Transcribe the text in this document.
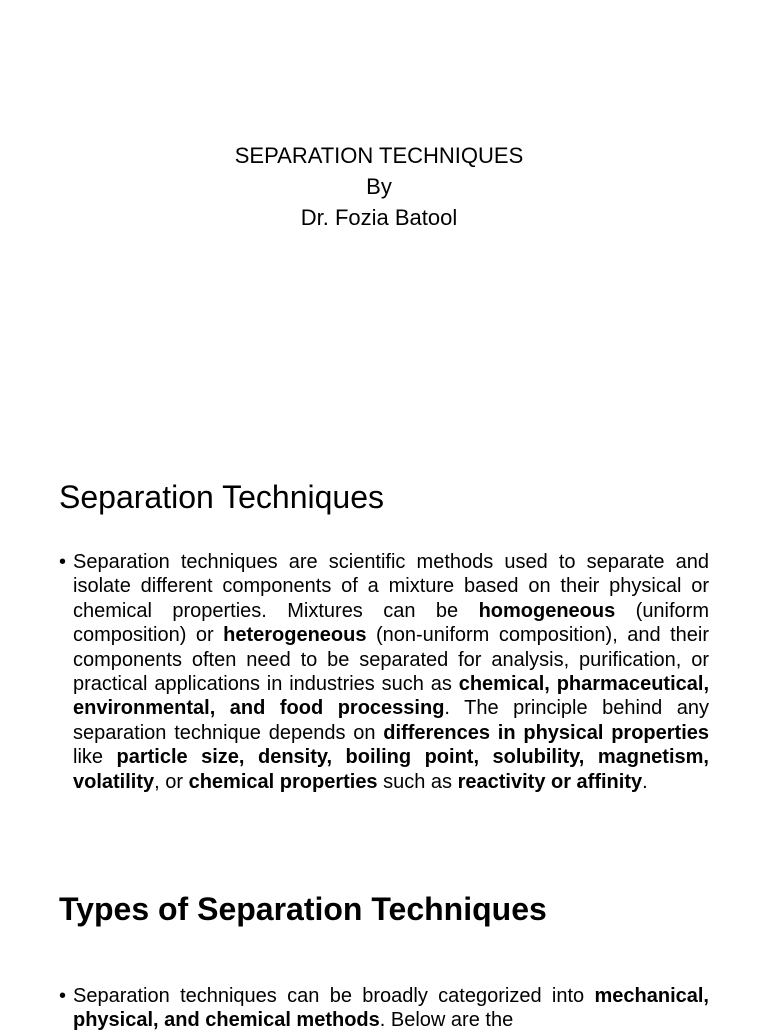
SEPARATION TECHNIQUES
By
Dr. Fozia Batool
Separation Techniques
• Separation techniques are scientific methods used to separate and isolate different components of a mixture based on their physical or chemical properties. Mixtures can be homogeneous (uniform composition) or heterogeneous (non-uniform composition), and their components often need to be separated for analysis, purification, or practical applications in industries such as chemical, pharmaceutical, environmental, and food processing. The principle behind any separation technique depends on differences in physical properties like particle size, density, boiling point, solubility, magnetism, volatility, or chemical properties such as reactivity or affinity.
Types of Separation Techniques
• Separation techniques can be broadly categorized into mechanical, physical, and chemical methods. Below are the
